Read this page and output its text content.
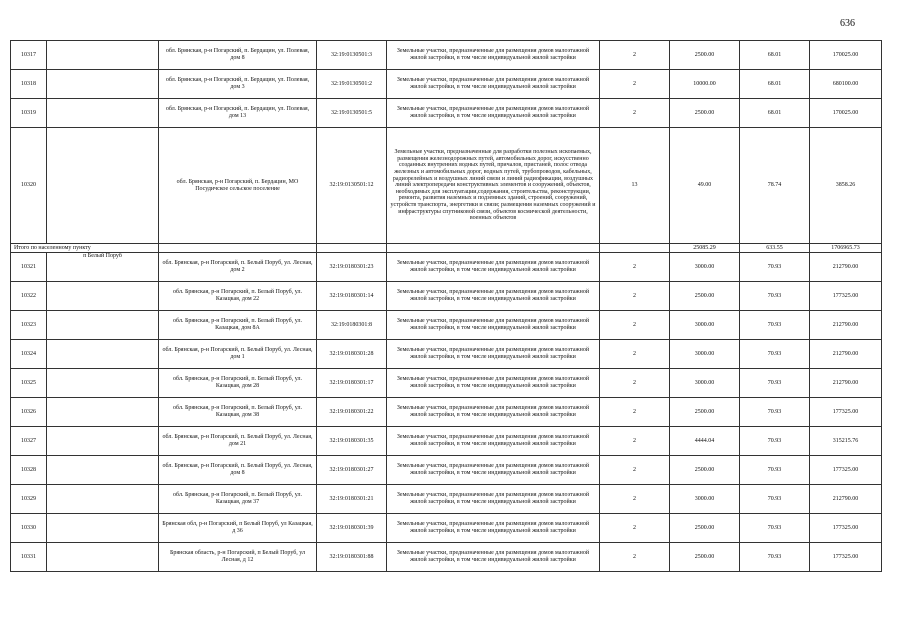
636
10317		обл. Брянская, р-н Погарский, п. Бердацин, ул. Полевая, дом 8	32:19:0130501:3	Земельные участки, предназначенные для размещения домов малоэтажной жилой застройки, в том числе индивидуальной жилой застройки	2	2500.00	68.01	170025.00
10318		обл. Брянская, р-н Погарский, п. Бердацин, ул. Полевая, дом 3	32:19:0130501:2	Земельные участки, предназначенные для размещения домов малоэтажной жилой застройки, в том числе индивидуальной жилой застройки	2	10000.00	68.01	680100.00
10319		обл. Брянская, р-н Погарский, п. Бердацин, ул. Полевая, дом 13	32:19:0130501:5	Земельные участки, предназначенные для размещения домов малоэтажной жилой застройки, в том числе индивидуальной жилой застройки	2	2500.00	68.01	170025.00
10320		обл. Брянская, р-н Погарский, п. Бердацин, МО Посудичское сельское поселение	32:19:0130501:12	Земельные участки, предназначенные для разработки полезных ископаемых, размещения железнодорожных путей, автомобильных дорог, искусственно созданных внутренних водных путей, причалов, пристаней, полос отвода железных и автомобильных дорог, водных путей, трубопроводов, кабельных, радиорелейных и воздушных линий связи и линий радиофикации, воздушных линий электропередачи конструктивных элементов и сооружений, объектов, необходимых для эксплуатации,содержания, строительства, реконструкции, ремонта, развития наземных и подземных зданий, строений, сооружений, устройств транспорта, энергетики и связи; размещения наземных сооружений и инфраструктуры спутниковой связи, объектов космической деятельности, военных объектов	13	49.00	78.74	3858.26
Итого по населенному пункту						25085.29	633.55	1706965.73
10321	п Белый Поруб	обл. Брянская, р-н Погарский, п. Белый Поруб, ул. Лесная, дом 2	32:19:0180301:23	Земельные участки, предназначенные для размещения домов малоэтажной жилой застройки, в том числе индивидуальной жилой застройки	2	3000.00	70.93	212790.00
10322		обл. Брянская, р-н Погарский, п. Белый Поруб, ул. Казацкая, дом 22	32:19:0180301:14	Земельные участки, предназначенные для размещения домов малоэтажной жилой застройки, в том числе индивидуальной жилой застройки	2	2500.00	70.93	177325.00
10323		обл. Брянская, р-н Погарский, п. Белый Поруб, ул. Казацкая, дом 8А	32:19:0180301:8	Земельные участки, предназначенные для размещения домов малоэтажной жилой застройки, в том числе индивидуальной жилой застройки	2	3000.00	70.93	212790.00
10324		обл. Брянская, р-н Погарский, п. Белый Поруб, ул. Лесная, дом 1	32:19:0180301:28	Земельные участки, предназначенные для размещения домов малоэтажной жилой застройки, в том числе индивидуальной жилой застройки	2	3000.00	70.93	212790.00
10325		обл. Брянская, р-н Погарский, п. Белый Поруб, ул. Казацкая, дом 28	32:19:0180301:17	Земельные участки, предназначенные для размещения домов малоэтажной жилой застройки, в том числе индивидуальной жилой застройки	2	3000.00	70.93	212790.00
10326		обл. Брянская, р-н Погарский, п. Белый Поруб, ул. Казацкая, дом 38	32:19:0180301:22	Земельные участки, предназначенные для размещения домов малоэтажной жилой застройки, в том числе индивидуальной жилой застройки	2	2500.00	70.93	177325.00
10327		обл. Брянская, р-н Погарский, п. Белый Поруб, ул. Лесная, дом 21	32:19:0180301:35	Земельные участки, предназначенные для размещения домов малоэтажной жилой застройки, в том числе индивидуальной жилой застройки	2	4444.04	70.93	315215.76
10328		обл. Брянская, р-н Погарский, п. Белый Поруб, ул. Лесная, дом 8	32:19:0180301:27	Земельные участки, предназначенные для размещения домов малоэтажной жилой застройки, в том числе индивидуальной жилой застройки	2	2500.00	70.93	177325.00
10329		обл. Брянская, р-н Погарский, п. Белый Поруб, ул. Казацкая, дом 37	32:19:0180301:21	Земельные участки, предназначенные для размещения домов малоэтажной жилой застройки, в том числе индивидуальной жилой застройки	2	3000.00	70.93	212790.00
10330		Брянская обл, р-н Погарский, п Белый Поруб, ул Казацкая, д 36	32:19:0180301:39	Земельные участки, предназначенные для размещения домов малоэтажной жилой застройки, в том числе индивидуальной жилой застройки	2	2500.00	70.93	177325.00
10331		Брянская область, р-н Погарский, п Белый Поруб, ул Лесная, д 12	32:19:0180301:88	Земельные участки, предназначенные для размещения домов малоэтажной жилой застройки, в том числе индивидуальной жилой застройки	2	2500.00	70.93	177325.00
